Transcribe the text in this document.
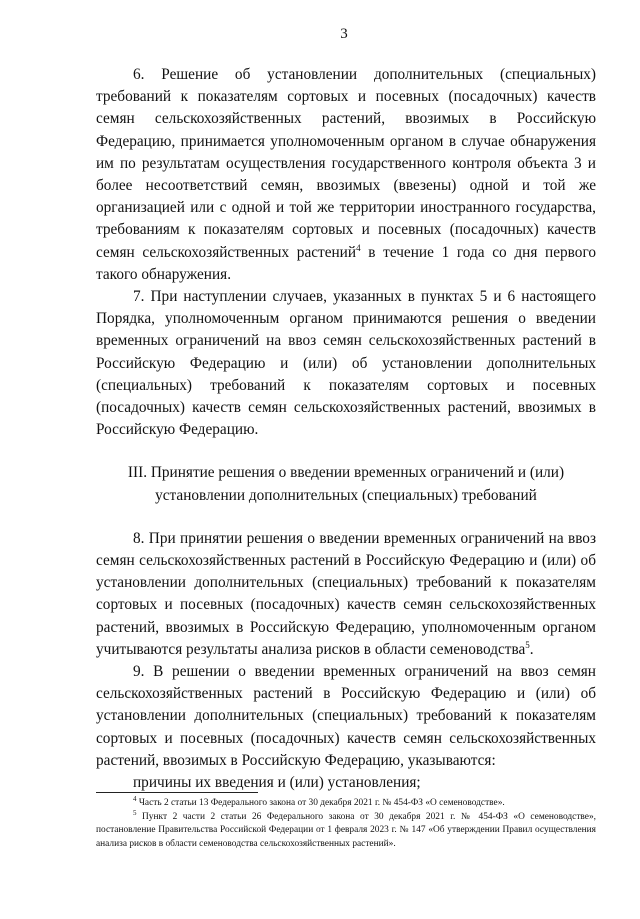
3

6. Решение об установлении дополнительных (специальных) требований к показателям сортовых и посевных (посадочных) качеств семян сельскохозяйственных растений, ввозимых в Российскую Федерацию, принимается уполномоченным органом в случае обнаружения им по результатам осуществления государственного контроля объекта 3 и более несоответствий семян, ввозимых (ввезены) одной и той же организацией или с одной и той же территории иностранного государства, требованиям к показателям сортовых и посевных (посадочных) качеств семян сельскохозяйственных растений$^4$ в течение 1 года со дня первого такого обнаружения.

7. При наступлении случаев, указанных в пунктах 5 и 6 настоящего Порядка, уполномоченным органом принимаются решения о введении временных ограничений на ввоз семян сельскохозяйственных растений в Российскую Федерацию и (или) об установлении дополнительных (специальных) требований к показателям сортовых и посевных (посадочных) качеств семян сельскохозяйственных растений, ввозимых в Российскую Федерацию.

III. Принятие решения о введении временных ограничений и (или)
установлении дополнительных (специальных) требований

8. При принятии решения о введении временных ограничений на ввоз семян сельскохозяйственных растений в Российскую Федерацию и (или) об установлении дополнительных (специальных) требований к показателям сортовых и посевных (посадочных) качеств семян сельскохозяйственных растений, ввозимых в Российскую Федерацию, уполномоченным органом учитываются результаты анализа рисков в области семеноводства$^5$.

9. В решении о введении временных ограничений на ввоз семян сельскохозяйственных растений в Российскую Федерацию и (или) об установлении дополнительных (специальных) требований к показателям сортовых и посевных (посадочных) качеств семян сельскохозяйственных растений, ввозимых в Российскую Федерацию, указываются:

причины их введения и (или) установления;

$^4$ Часть 2 статьи 13 Федерального закона от 30 декабря 2021 г. № 454-ФЗ «О семеноводстве».

$^5$ Пункт 2 части 2 статьи 26 Федерального закона от 30 декабря 2021 г. № 454-ФЗ «О семеноводстве», постановление Правительства Российской Федерации от 1 февраля 2023 г. № 147 «Об утверждении Правил осуществления анализа рисков в области семеноводства сельскохозяйственных растений».
